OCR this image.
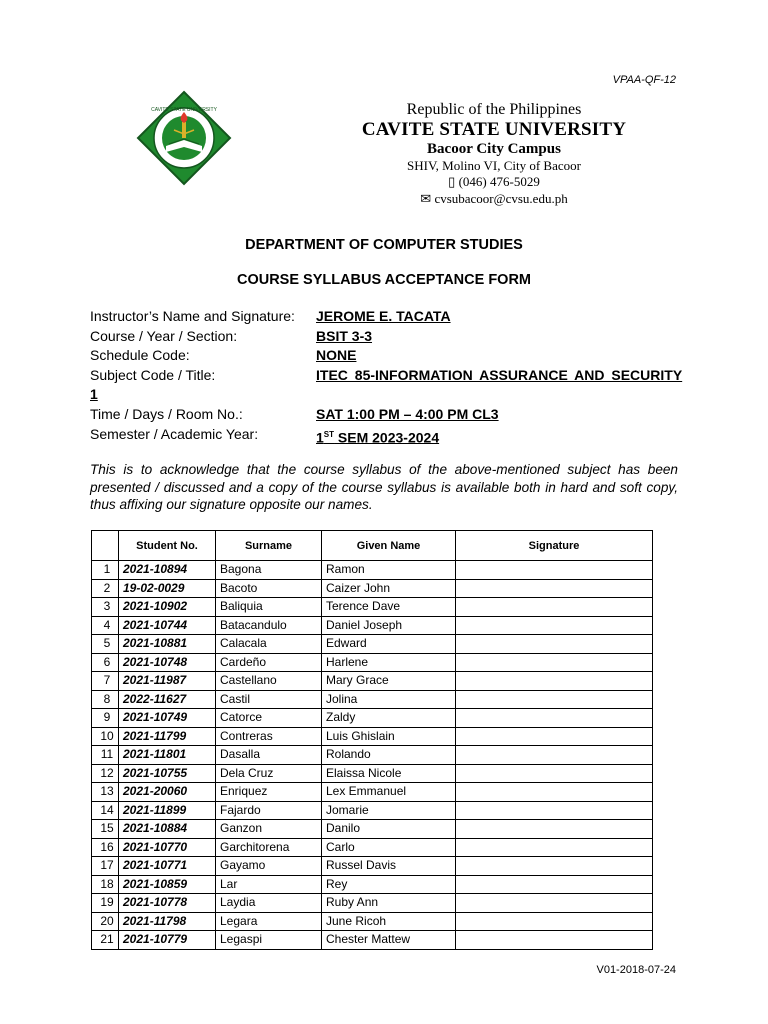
VPAA-QF-12
CAVITE STATE UNIVERSITY	Republic of the Philippines
CAVITE STATE UNIVERSITY
Bacoor City Campus
SHIV, Molino VI, City of Bacoor
▯ (046) 476-5029
✉ cvsubacoor@cvsu.edu.ph
DEPARTMENT OF COMPUTER STUDIES
COURSE SYLLABUS ACCEPTANCE FORM
Instructor’s Name and Signature: JEROME E. TACATA
Course / Year / Section:	BSIT 3-3
Schedule Code:	NONE
Subject Code / Title:	ITEC 85-INFORMATION ASSURANCE AND SECURITY
1
Time / Days / Room No.:	SAT 1:00 PM – 4:00 PM CL3
Semester / Academic Year:	1ST SEM 2023-2024
This is to acknowledge that the course syllabus of the above-mentioned subject has been presented / discussed and a copy of the course syllabus is available both in hard and soft copy, thus affixing our signature opposite our names.
	Student No.	Surname	Given Name	Signature
1	2021-10894	Bagona	Ramon	
2	19-02-0029	Bacoto	Caizer John	
3	2021-10902	Baliquia	Terence Dave	
4	2021-10744	Batacandulo	Daniel Joseph	
5	2021-10881	Calacala	Edward	
6	2021-10748	Cardeño	Harlene	
7	2021-11987	Castellano	Mary Grace	
8	2022-11627	Castil	Jolina	
9	2021-10749	Catorce	Zaldy	
10	2021-11799	Contreras	Luis Ghislain	
11	2021-11801	Dasalla	Rolando	
12	2021-10755	Dela Cruz	Elaissa Nicole	
13	2021-20060	Enriquez	Lex Emmanuel	
14	2021-11899	Fajardo	Jomarie	
15	2021-10884	Ganzon	Danilo	
16	2021-10770	Garchitorena	Carlo	
17	2021-10771	Gayamo	Russel Davis	
18	2021-10859	Lar	Rey	
19	2021-10778	Laydia	Ruby Ann	
20	2021-11798	Legara	June Ricoh	
21	2021-10779	Legaspi	Chester Mattew	
V01-2018-07-24
